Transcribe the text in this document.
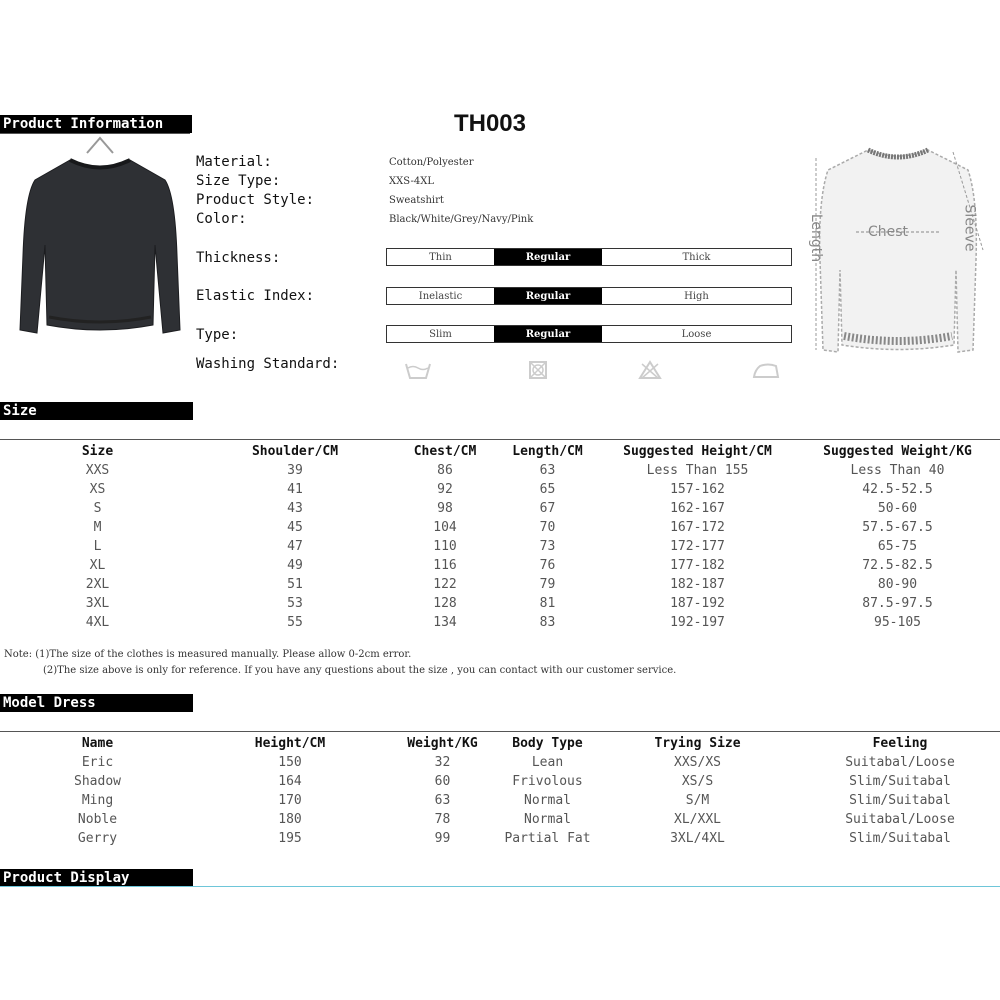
Product Information	TH003
Material:	Cotton/Polyester
Size Type:	XXS-4XL
Product Style:	Sweatshirt
Color:	Black/White/Grey/Navy/Pink
Thickness:	Thin	Regular	Thick
Elastic Index:	Inelastic	Regular	High
Type:	Slim	Regular	Loose
Washing Standard:
Chest
Length	Sleeve
Size
Size	Shoulder/CM	Chest/CM	Length/CM	Suggested Height/CM	Suggested Weight/KG
XXS	39	86	63	Less Than 155	Less Than 40
XS	41	92	65	157-162	42.5-52.5
S	43	98	67	162-167	50-60
M	45	104	70	167-172	57.5-67.5
L	47	110	73	172-177	65-75
XL	49	116	76	177-182	72.5-82.5
2XL	51	122	79	182-187	80-90
3XL	53	128	81	187-192	87.5-97.5
4XL	55	134	83	192-197	95-105
Note: (1)The size of the clothes is measured manually. Please allow 0-2cm error.
(2)The size above is only for reference. If you have any questions about the size , you can contact with our customer service.
Model Dress
Name	Height/CM	Weight/KG	Body Type	Trying Size	Feeling
Eric	150	32	Lean	XXS/XS	Suitabal/Loose
Shadow	164	60	Frivolous	XS/S	Slim/Suitabal
Ming	170	63	Normal	S/M	Slim/Suitabal
Noble	180	78	Normal	XL/XXL	Suitabal/Loose
Gerry	195	99	Partial Fat	3XL/4XL	Slim/Suitabal
Product Display
